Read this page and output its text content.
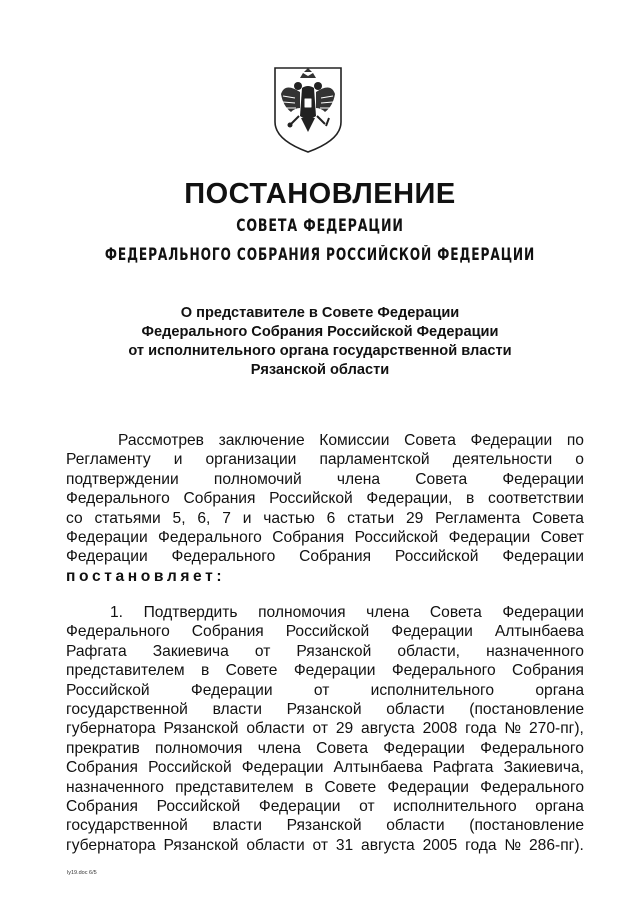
ПОСТАНОВЛЕНИЕ
СОВЕТА ФЕДЕРАЦИИ
ФЕДЕРАЛЬНОГО СОБРАНИЯ РОССИЙСКОЙ ФЕДЕРАЦИИ
О представителе в Совете Федерации
Федерального Собрания Российской Федерации
от исполнительного органа государственной власти
Рязанской области
Рассмотрев заключение Комиссии Совета Федерации по
Регламенту и организации парламентской деятельности о
подтверждении полномочий члена Совета Федерации
Федерального Собрания Российской Федерации, в соответствии
со статьями 5, 6, 7 и частью 6 статьи 29 Регламента Совета
Федерации Федерального Собрания Российской Федерации Совет
Федерации Федерального Собрания Российской Федерации
постановляет:
1. Подтвердить полномочия члена Совета Федерации
Федерального Собрания Российской Федерации Алтынбаева
Рафгата Закиевича от Рязанской области, назначенного
представителем в Совете Федерации Федерального Собрания
Российской	Федерации	от	исполнительного	органа
государственной власти Рязанской области (постановление
губернатора Рязанской области от 29 августа 2008 года № 270-пг),
прекратив полномочия члена Совета Федерации Федерального
Собрания Российской Федерации Алтынбаева Рафгата Закиевича,
назначенного представителем в Совете Федерации Федерального
Собрания Российской Федерации от исполнительного органа
государственной власти Рязанской области (постановление
губернатора Рязанской области от 31 августа 2005 года № 286-пг).
ly19.doc 6/5
